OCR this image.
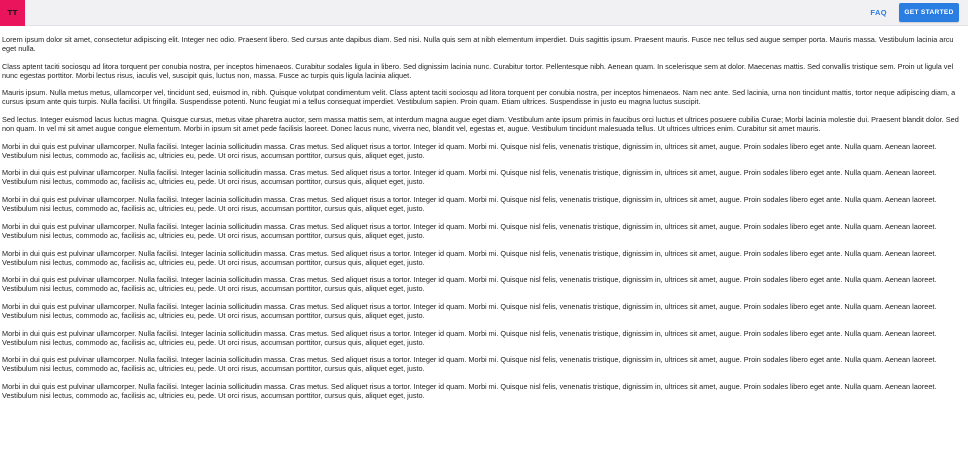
TT	FAQ	GET STARTED

Lorem ipsum dolor sit amet, consectetur adipiscing elit. Integer nec odio. Praesent libero. Sed cursus ante dapibus diam. Sed nisi. Nulla quis sem at nibh elementum imperdiet. Duis sagittis ipsum. Praesent mauris. Fusce nec tellus sed augue semper porta. Mauris massa. Vestibulum lacinia arcu eget nulla.

Class aptent taciti sociosqu ad litora torquent per conubia nostra, per inceptos himenaeos. Curabitur sodales ligula in libero. Sed dignissim lacinia nunc. Curabitur tortor. Pellentesque nibh. Aenean quam. In scelerisque sem at dolor. Maecenas mattis. Sed convallis tristique sem. Proin ut ligula vel nunc egestas porttitor. Morbi lectus risus, iaculis vel, suscipit quis, luctus non, massa. Fusce ac turpis quis ligula lacinia aliquet.

Mauris ipsum. Nulla metus metus, ullamcorper vel, tincidunt sed, euismod in, nibh. Quisque volutpat condimentum velit. Class aptent taciti sociosqu ad litora torquent per conubia nostra, per inceptos himenaeos. Nam nec ante. Sed lacinia, urna non tincidunt mattis, tortor neque adipiscing diam, a cursus ipsum ante quis turpis. Nulla facilisi. Ut fringilla. Suspendisse potenti. Nunc feugiat mi a tellus consequat imperdiet. Vestibulum sapien. Proin quam. Etiam ultrices. Suspendisse in justo eu magna luctus suscipit.

Sed lectus. Integer euismod lacus luctus magna. Quisque cursus, metus vitae pharetra auctor, sem massa mattis sem, at interdum magna augue eget diam. Vestibulum ante ipsum primis in faucibus orci luctus et ultrices posuere cubilia Curae; Morbi lacinia molestie dui. Praesent blandit dolor. Sed non quam. In vel mi sit amet augue congue elementum. Morbi in ipsum sit amet pede facilisis laoreet. Donec lacus nunc, viverra nec, blandit vel, egestas et, augue. Vestibulum tincidunt malesuada tellus. Ut ultrices ultrices enim. Curabitur sit amet mauris.

Morbi in dui quis est pulvinar ullamcorper. Nulla facilisi. Integer lacinia sollicitudin massa. Cras metus. Sed aliquet risus a tortor. Integer id quam. Morbi mi. Quisque nisl felis, venenatis tristique, dignissim in, ultrices sit amet, augue. Proin sodales libero eget ante. Nulla quam. Aenean laoreet. Vestibulum nisi lectus, commodo ac, facilisis ac, ultricies eu, pede. Ut orci risus, accumsan porttitor, cursus quis, aliquet eget, justo.

Morbi in dui quis est pulvinar ullamcorper. Nulla facilisi. Integer lacinia sollicitudin massa. Cras metus. Sed aliquet risus a tortor. Integer id quam. Morbi mi. Quisque nisl felis, venenatis tristique, dignissim in, ultrices sit amet, augue. Proin sodales libero eget ante. Nulla quam. Aenean laoreet. Vestibulum nisi lectus, commodo ac, facilisis ac, ultricies eu, pede. Ut orci risus, accumsan porttitor, cursus quis, aliquet eget, justo.

Morbi in dui quis est pulvinar ullamcorper. Nulla facilisi. Integer lacinia sollicitudin massa. Cras metus. Sed aliquet risus a tortor. Integer id quam. Morbi mi. Quisque nisl felis, venenatis tristique, dignissim in, ultrices sit amet, augue. Proin sodales libero eget ante. Nulla quam. Aenean laoreet. Vestibulum nisi lectus, commodo ac, facilisis ac, ultricies eu, pede. Ut orci risus, accumsan porttitor, cursus quis, aliquet eget, justo.

Morbi in dui quis est pulvinar ullamcorper. Nulla facilisi. Integer lacinia sollicitudin massa. Cras metus. Sed aliquet risus a tortor. Integer id quam. Morbi mi. Quisque nisl felis, venenatis tristique, dignissim in, ultrices sit amet, augue. Proin sodales libero eget ante. Nulla quam. Aenean laoreet. Vestibulum nisi lectus, commodo ac, facilisis ac, ultricies eu, pede. Ut orci risus, accumsan porttitor, cursus quis, aliquet eget, justo.

Morbi in dui quis est pulvinar ullamcorper. Nulla facilisi. Integer lacinia sollicitudin massa. Cras metus. Sed aliquet risus a tortor. Integer id quam. Morbi mi. Quisque nisl felis, venenatis tristique, dignissim in, ultrices sit amet, augue. Proin sodales libero eget ante. Nulla quam. Aenean laoreet. Vestibulum nisi lectus, commodo ac, facilisis ac, ultricies eu, pede. Ut orci risus, accumsan porttitor, cursus quis, aliquet eget, justo.

Morbi in dui quis est pulvinar ullamcorper. Nulla facilisi. Integer lacinia sollicitudin massa. Cras metus. Sed aliquet risus a tortor. Integer id quam. Morbi mi. Quisque nisl felis, venenatis tristique, dignissim in, ultrices sit amet, augue. Proin sodales libero eget ante. Nulla quam. Aenean laoreet. Vestibulum nisi lectus, commodo ac, facilisis ac, ultricies eu, pede. Ut orci risus, accumsan porttitor, cursus quis, aliquet eget, justo.

Morbi in dui quis est pulvinar ullamcorper. Nulla facilisi. Integer lacinia sollicitudin massa. Cras metus. Sed aliquet risus a tortor. Integer id quam. Morbi mi. Quisque nisl felis, venenatis tristique, dignissim in, ultrices sit amet, augue. Proin sodales libero eget ante. Nulla quam. Aenean laoreet. Vestibulum nisi lectus, commodo ac, facilisis ac, ultricies eu, pede. Ut orci risus, accumsan porttitor, cursus quis, aliquet eget, justo.

Morbi in dui quis est pulvinar ullamcorper. Nulla facilisi. Integer lacinia sollicitudin massa. Cras metus. Sed aliquet risus a tortor. Integer id quam. Morbi mi. Quisque nisl felis, venenatis tristique, dignissim in, ultrices sit amet, augue. Proin sodales libero eget ante. Nulla quam. Aenean laoreet. Vestibulum nisi lectus, commodo ac, facilisis ac, ultricies eu, pede. Ut orci risus, accumsan porttitor, cursus quis, aliquet eget, justo.

Morbi in dui quis est pulvinar ullamcorper. Nulla facilisi. Integer lacinia sollicitudin massa. Cras metus. Sed aliquet risus a tortor. Integer id quam. Morbi mi. Quisque nisl felis, venenatis tristique, dignissim in, ultrices sit amet, augue. Proin sodales libero eget ante. Nulla quam. Aenean laoreet. Vestibulum nisi lectus, commodo ac, facilisis ac, ultricies eu, pede. Ut orci risus, accumsan porttitor, cursus quis, aliquet eget, justo.

Morbi in dui quis est pulvinar ullamcorper. Nulla facilisi. Integer lacinia sollicitudin massa. Cras metus. Sed aliquet risus a tortor. Integer id quam. Morbi mi. Quisque nisl felis, venenatis tristique, dignissim in, ultrices sit amet, augue. Proin sodales libero eget ante. Nulla quam. Aenean laoreet. Vestibulum nisi lectus, commodo ac, facilisis ac, ultricies eu, pede. Ut orci risus, accumsan porttitor, cursus quis, aliquet eget, justo.
